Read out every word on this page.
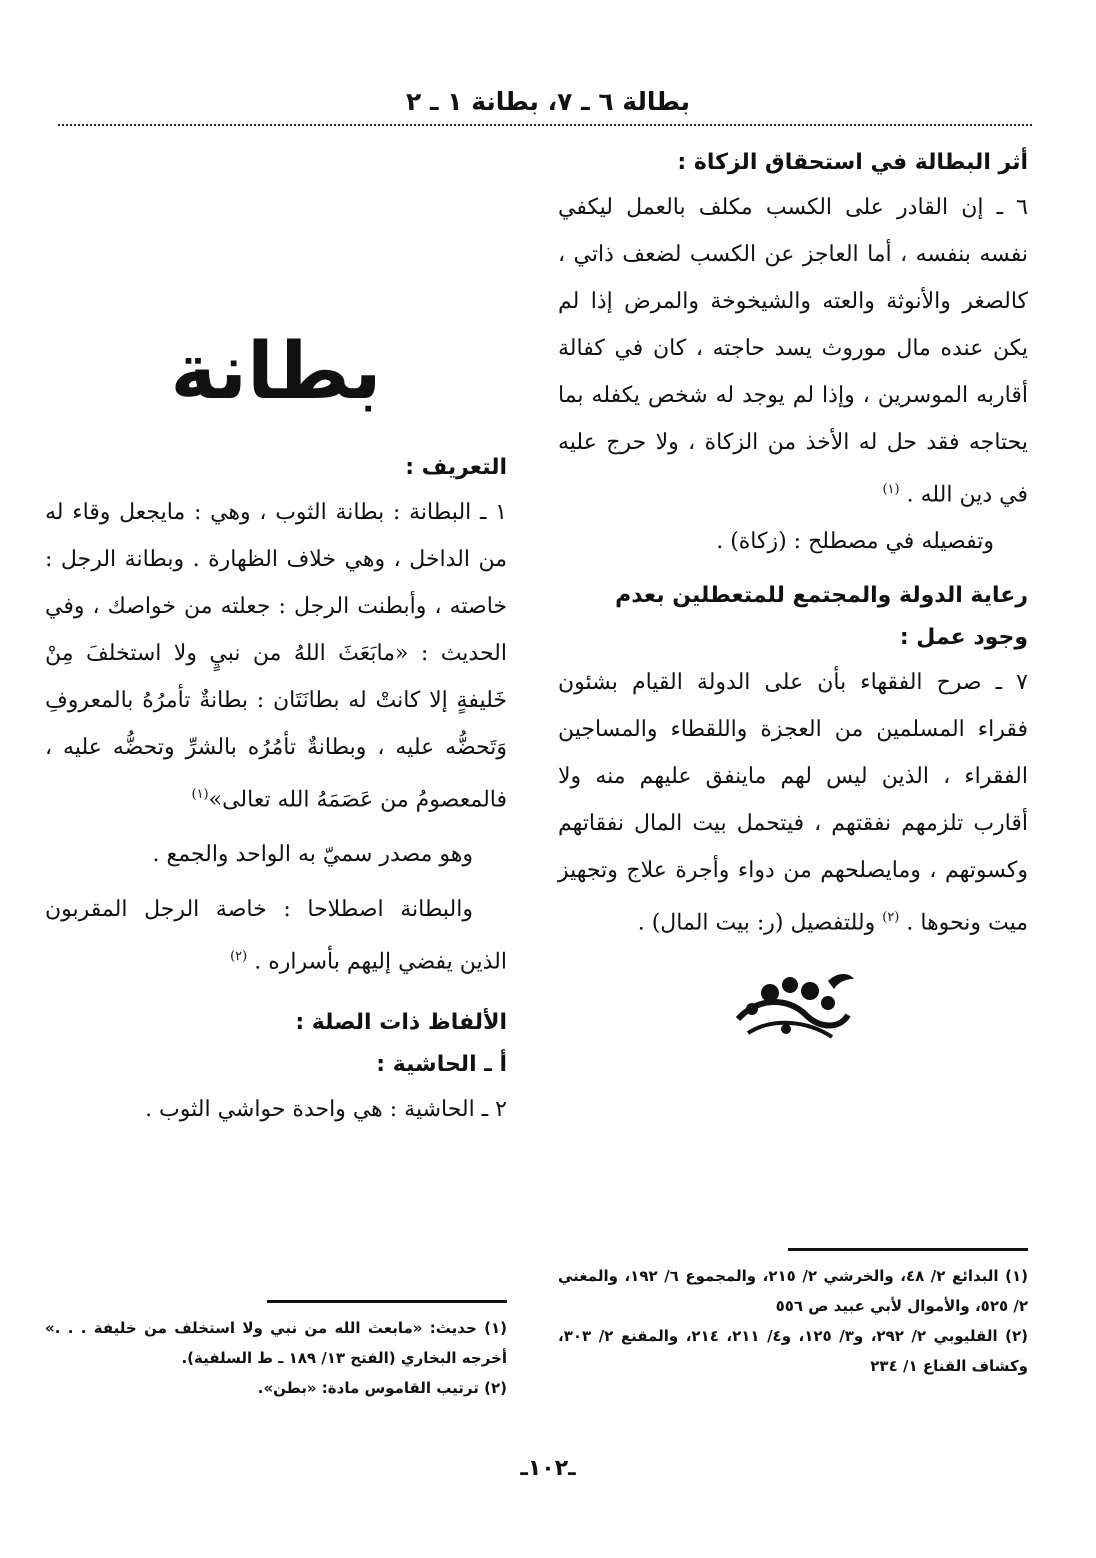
بطالة ٦ ـ ٧، بطانة ١ ـ ٢

أثر البطالة في استحقاق الزكاة :

٦ ـ إن القادر على الكسب مكلف بالعمل ليكفي نفسه بنفسه ، أما العاجز عن الكسب لضعف ذاتي ، كالصغر والأنوثة والعته والشيخوخة والمرض إذا لم يكن عنده مال موروث يسد حاجته ، كان في كفالة أقاربه الموسرين ، وإذا لم يوجد له شخص يكفله بما يحتاجه فقد حل له الأخذ من الزكاة ، ولا حرج عليه في دين الله . $^{(١)}$

وتفصيله في مصطلح : (زكاة) .

رعاية الدولة والمجتمع للمتعطلين بعدم وجود عمل :

٧ ـ صرح الفقهاء بأن على الدولة القيام بشئون فقراء المسلمين من العجزة واللقطاء والمساجين الفقراء ، الذين ليس لهم ماينفق عليهم منه ولا أقارب تلزمهم نفقتهم ، فيتحمل بيت المال نفقاتهم وكسوتهم ، ومايصلحهم من دواء وأجرة علاج وتجهيز ميت ونحوها . $^{(٢)}$ وللتفصيل (ر: بيت المال) .

بطانة

التعريف :

١ ـ البطانة : بطانة الثوب ، وهي : مايجعل وقاء له من الداخل ، وهي خلاف الظهارة . وبطانة الرجل : خاصته ، وأبطنت الرجل : جعلته من خواصك ، وفي الحديث : «مابَعَثَ اللهُ من نبيٍ ولا استخلفَ مِنْ خَليفةٍ إلا كانتْ له بطانَتَان : بطانةٌ تأمرُهُ بالمعروفِ وَتَحضُّه عليه ، وبطانةٌ تأمُرُه بالشرِّ وتحضُّه عليه ، فالمعصومُ من عَصَمَهُ الله تعالى»$^{(١)}$

وهو مصدر سميّ به الواحد والجمع .

والبطانة اصطلاحا : خاصة الرجل المقربون الذين يفضي إليهم بأسراره . $^{(٢)}$

الألفاظ ذات الصلة :

أ ـ الحاشية :

٢ ـ الحاشية : هي واحدة حواشي الثوب .

(١) البدائع ٢/ ٤٨، والخرشي ٢/ ٢١٥، والمجموع ٦/ ١٩٢، والمغني ٢/ ٥٢٥، والأموال لأبي عبيد ص ٥٥٦

(٢) القليوبي ٢/ ٢٩٢، و٣/ ١٢٥، و٤/ ٢١١، ٢١٤، والمقنع ٢/ ٣٠٣، وكشاف القناع ١/ ٢٣٤

(١) حديث: «مابعث الله من نبي ولا استخلف من خليفة . . .» أخرجه البخاري (الفتح ١٣/ ١٨٩ ـ ط السلفية).

(٢) ترتيب القاموس مادة: «بطن».

ـ١٠٢ـ
